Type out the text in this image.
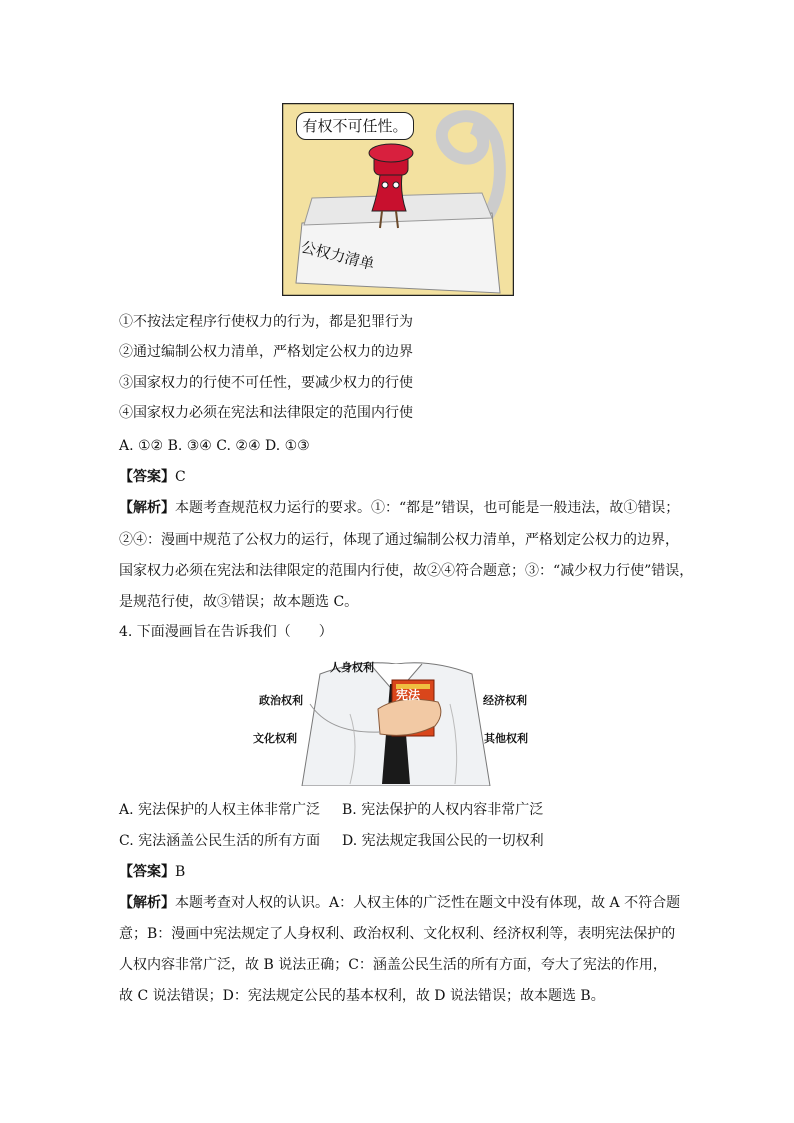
有权不可任性。
公权力清单
①不按法定程序行使权力的行为，都是犯罪行为
②通过编制公权力清单，严格划定公权力的边界
③国家权力的行使不可任性，要减少权力的行使
④国家权力必须在宪法和法律限定的范围内行使
A. ①② B. ③④ C. ②④ D. ①③
【答案】C
【解析】本题考查规范权力运行的要求。①：“都是”错误，也可能是一般违法，故①错误；
②④：漫画中规范了公权力的运行，体现了通过编制公权力清单，严格划定公权力的边界，
国家权力必须在宪法和法律限定的范围内行使，故②④符合题意；③：“减少权力行使”错误，
是规范行使，故③错误；故本题选 C。
4. 下面漫画旨在告诉我们（　　）
宪法
人身权利
政治权利	经济权利
文化权利	其他权利
A. 宪法保护的人权主体非常广泛 B. 宪法保护的人权内容非常广泛
C. 宪法涵盖公民生活的所有方面 D. 宪法规定我国公民的一切权利
【答案】B
【解析】本题考查对人权的认识。A：人权主体的广泛性在题文中没有体现，故 A 不符合题
意；B：漫画中宪法规定了人身权利、政治权利、文化权利、经济权利等，表明宪法保护的
人权内容非常广泛，故 B 说法正确；C：涵盖公民生活的所有方面，夸大了宪法的作用，
故 C 说法错误；D：宪法规定公民的基本权利，故 D 说法错误；故本题选 B。
